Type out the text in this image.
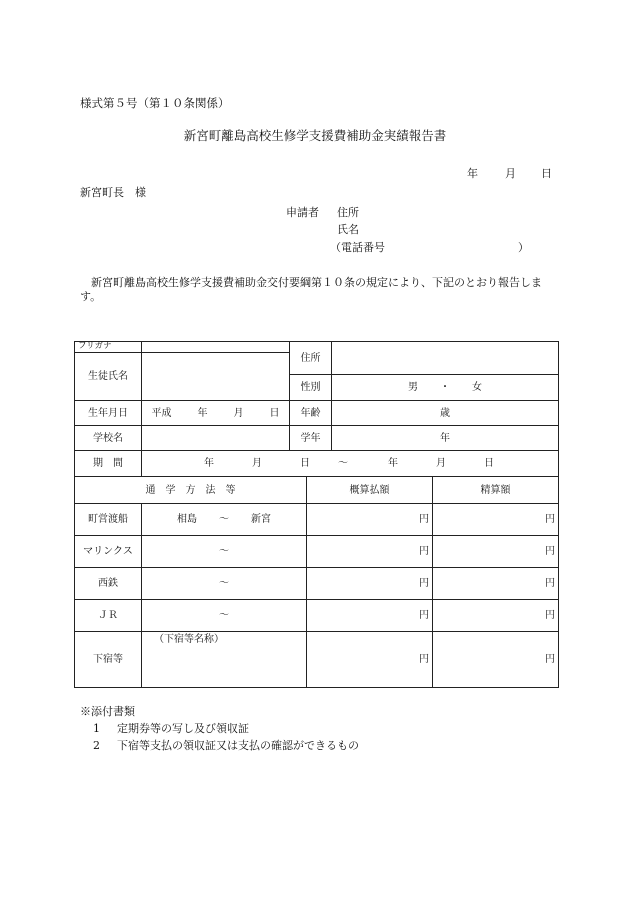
様式第５号（第１０条関係）
新宮町離島高校生修学支援費補助金実績報告書
年 月 日
新宮町長　様
申請者 住所
氏名
（電話番号	）
新宮町離島高校生修学支援費補助金交付要綱第１０条の規定により、下記のとおり報告します。
フリガナ		住所			
生徒氏名					
		性別		男 ・ 女	
生年月日	平成 年 月 日	年齢		歳	
学校名		学年		年	
期　間	年 月 日 ～ 年 月 日				
通　学　方　法　等			概算払額		精算額
町営渡船	相島 ～ 新宮		円		円
マリンクス	～		円		円
西鉄	～		円		円
ＪＲ	～		円		円
下宿等	（下宿等名称）		円		円
※添付書類
1 定期券等の写し及び領収証
2 下宿等支払の領収証又は支払の確認ができるもの
